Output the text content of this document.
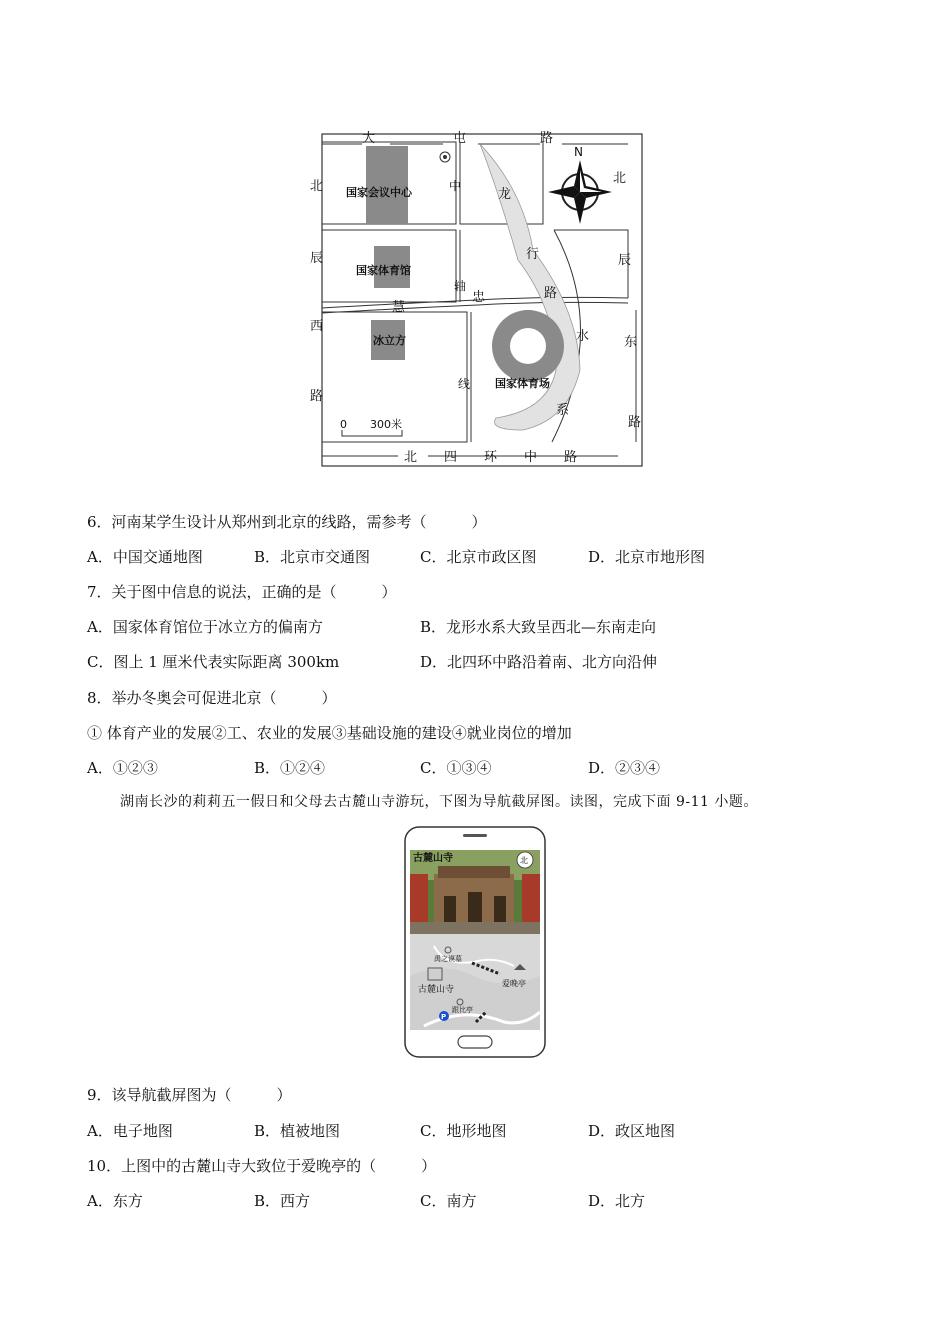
大	屯	路
北
辰
西
路
北
辰
东
路
北 四 环 中 路
慧
忠	路
中
轴
线
龙
行
水
系
国家会议中心
国家体育馆
冰立方
国家体育场
N
0 300米
6．河南某学生设计从郑州到北京的线路，需参考（　　　）
A．中国交通地图	B．北京市交通图	C．北京市政区图	D．北京市地形图
7．关于图中信息的说法，正确的是（　　　）
A．国家体育馆位于冰立方的偏南方	B．龙形水系大致呈西北—东南走向
C．图上 1 厘米代表实际距离 300km	D．北四环中路沿着南、北方向沿伸
8．举办冬奥会可促进北京（　　　）
① 体育产业的发展②工、农业的发展③基础设施的建设④就业岗位的增加
A．①②③	B．①②④	C．①③④	D．②③④
湖南长沙的莉莉五一假日和父母去古麓山寺游玩，下图为导航截屏图。读图，完成下面 9-11 小题。
古麓山寺	北
禹之谟墓
古麓山寺
爱晚亭
跟比亭
P
9．该导航截屏图为（　　　）
A．电子地图	B．植被地图	C．地形地图	D．政区地图
10．上图中的古麓山寺大致位于爱晚亭的（　　　）
A．东方	B．西方	C．南方	D．北方
